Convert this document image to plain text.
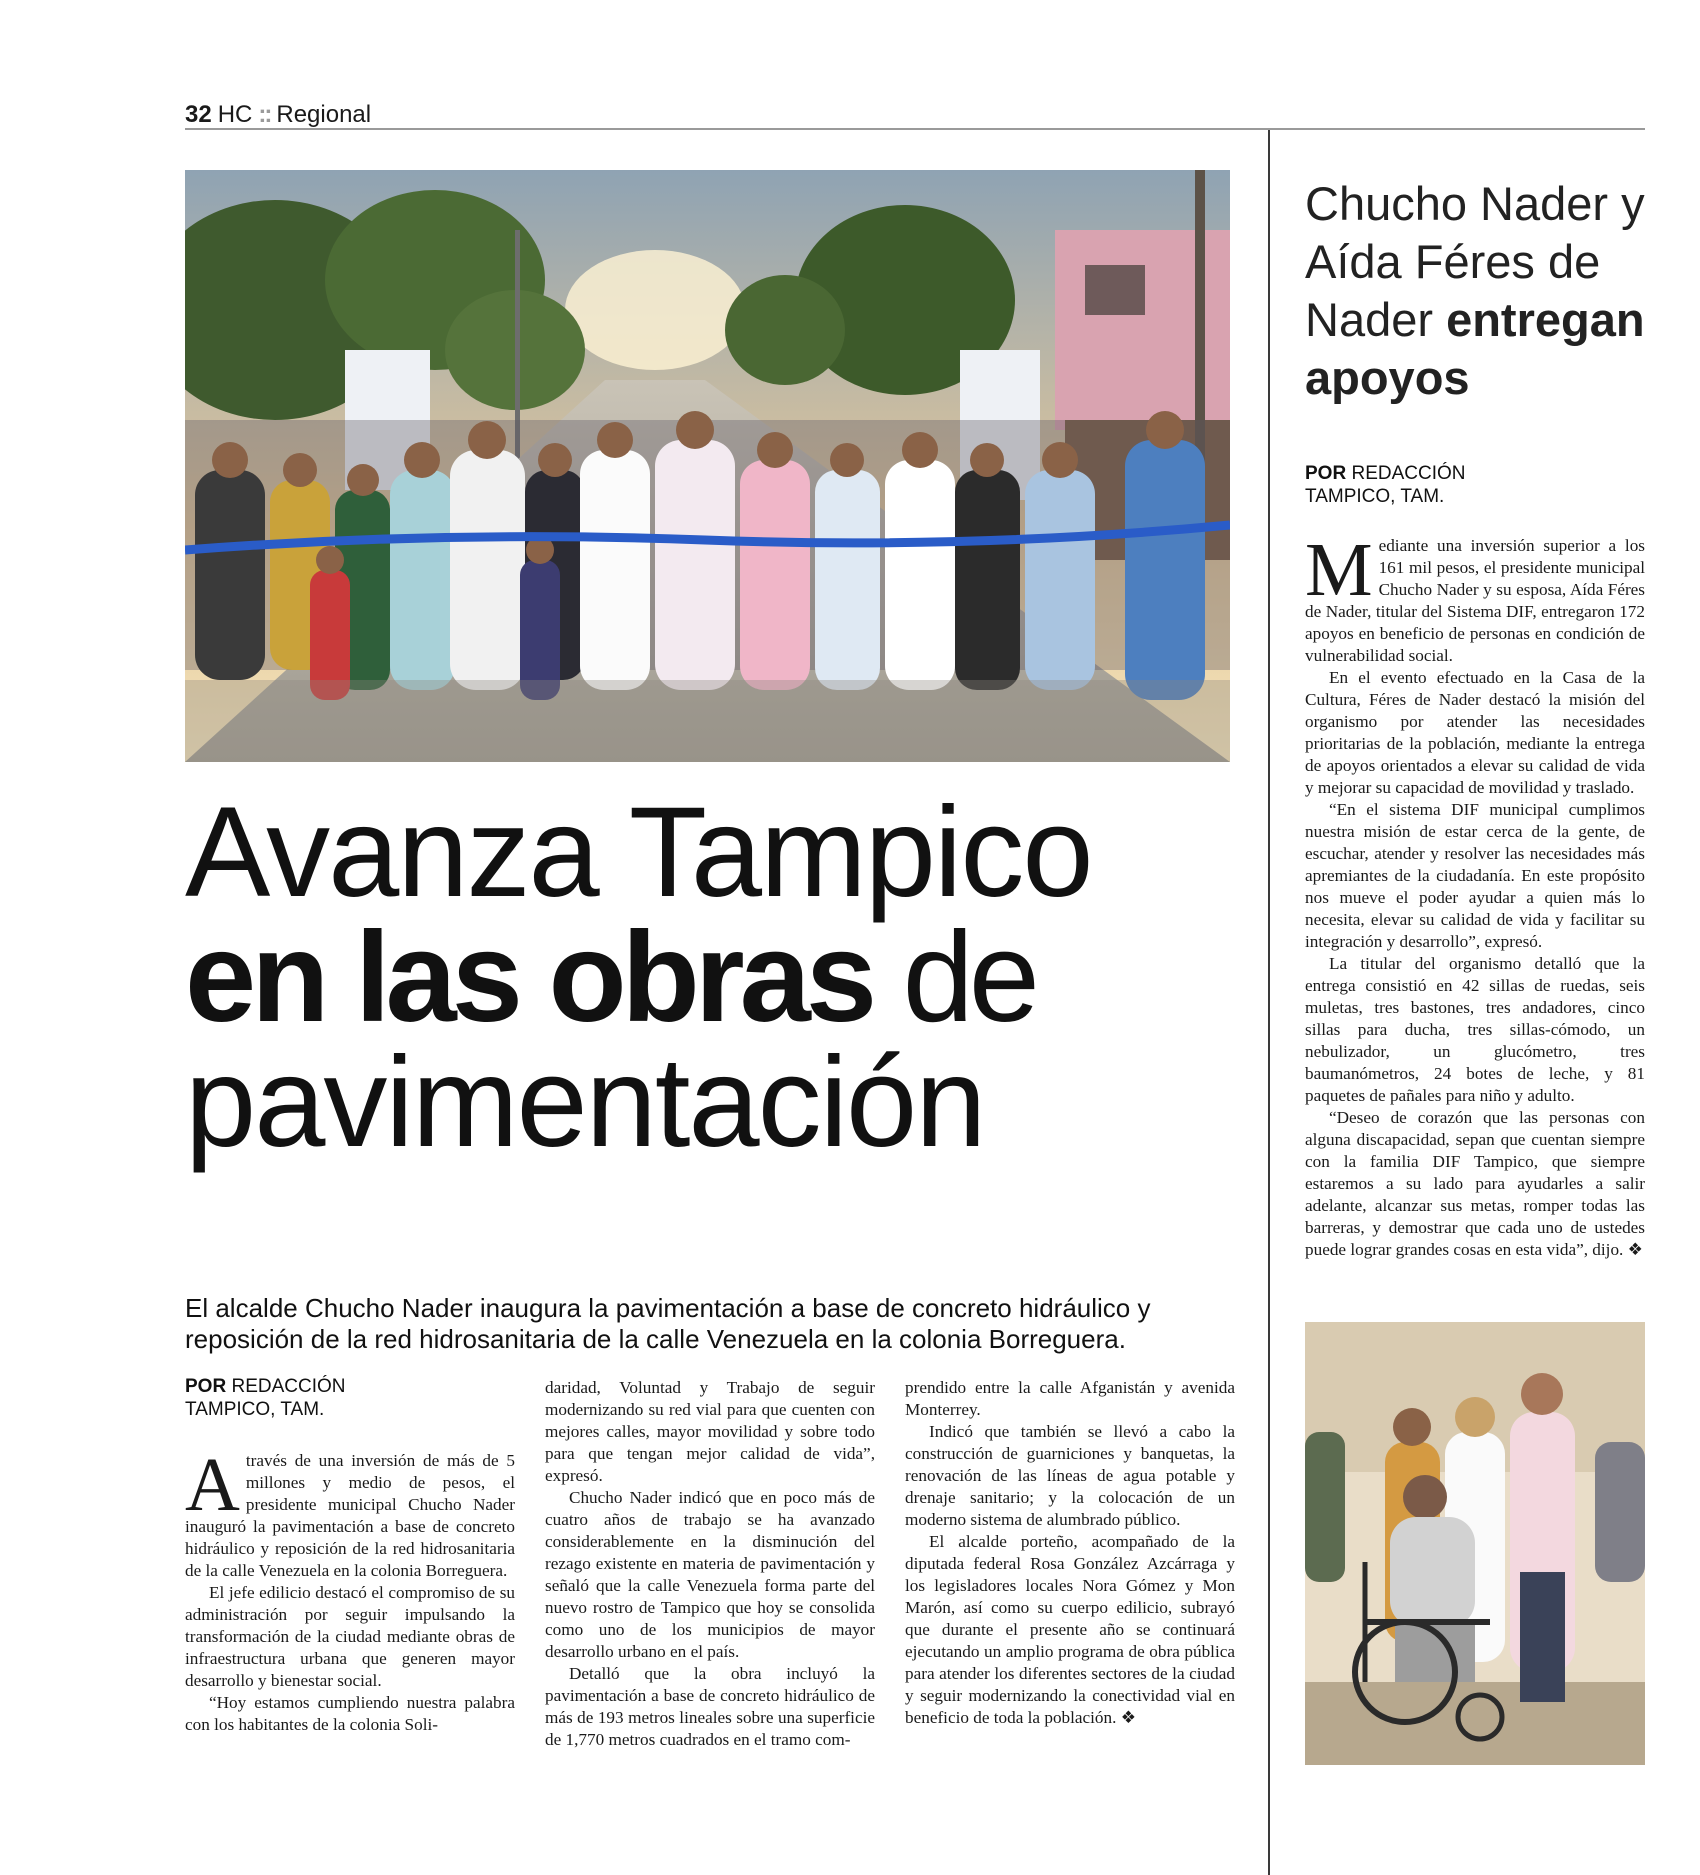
32 HC :: Regional
Avanza Tampico
en las obras de
pavimentación
El alcalde Chucho Nader inaugura la pavimentación a base de concreto hidráulico y reposición de la red hidrosanitaria de la calle Venezuela en la colonia Borreguera.
POR REDACCIÓN
TAMPICO, TAM.

Através de una inversión de más de 5 millones y medio de pesos, el presidente municipal Chucho Nader inauguró la pavimentación a base de concreto hidráulico y reposición de la red hidrosanitaria de la calle Venezuela en la colonia Borreguera.

El jefe edilicio destacó el compromiso de su administración por seguir impulsando la transformación de la ciudad mediante obras de infraestructura urbana que generen mayor desarrollo y bienestar social.

“Hoy estamos cumpliendo nuestra palabra con los habitantes de la colonia Soli-

daridad, Voluntad y Trabajo de seguir modernizando su red vial para que cuenten con mejores calles, mayor movilidad y sobre todo para que tengan mejor calidad de vida”, expresó.

Chucho Nader indicó que en poco más de cuatro años de trabajo se ha avanzado considerablemente en la disminución del rezago existente en materia de pavimentación y señaló que la calle Venezuela forma parte del nuevo rostro de Tampico que hoy se consolida como uno de los municipios de mayor desarrollo urbano en el país.

Detalló que la obra incluyó la pavimentación a base de concreto hidráulico de más de 193 metros lineales sobre una superficie de 1,770 metros cuadrados en el tramo com-

prendido entre la calle Afganistán y avenida Monterrey.

Indicó que también se llevó a cabo la construcción de guarniciones y banquetas, la renovación de las líneas de agua potable y drenaje sanitario; y la colocación de un moderno sistema de alumbrado público.

El alcalde porteño, acompañado de la diputada federal Rosa González Azcárraga y los legisladores locales Nora Gómez y Mon Marón, así como su cuerpo edilicio, subrayó que durante el presente año se continuará ejecutando un amplio programa de obra pública para atender los diferentes sectores de la ciudad y seguir modernizando la conectividad vial en beneficio de toda la población. ❖

Chucho Nader y Aída Féres de Nader entregan apoyos
POR REDACCIÓN
TAMPICO, TAM.

Mediante una inversión superior a los 161 mil pesos, el presidente municipal Chucho Nader y su esposa, Aída Féres de Nader, titular del Sistema DIF, entregaron 172 apoyos en beneficio de personas en condición de vulnerabilidad social.

En el evento efectuado en la Casa de la Cultura, Féres de Nader destacó la misión del organismo por atender las necesidades prioritarias de la población, mediante la entrega de apoyos orientados a elevar su calidad de vida y mejorar su capacidad de movilidad y traslado.

“En el sistema DIF municipal cumplimos nuestra misión de estar cerca de la gente, de escuchar, atender y resolver las necesidades más apremiantes de la ciudadanía. En este propósito nos mueve el poder ayudar a quien más lo necesita, elevar su calidad de vida y facilitar su integración y desarrollo”, expresó.

La titular del organismo detalló que la entrega consistió en 42 sillas de ruedas, seis muletas, tres bastones, tres andadores, cinco sillas para ducha, tres sillas-cómodo, un nebulizador, un glucómetro, tres baumanómetros, 24 botes de leche, y 81 paquetes de pañales para niño y adulto.

“Deseo de corazón que las personas con alguna discapacidad, sepan que cuentan siempre con la familia DIF Tampico, que siempre estaremos a su lado para ayudarles a salir adelante, alcanzar sus metas, romper todas las barreras, y demostrar que cada uno de ustedes puede lograr grandes cosas en esta vida”, dijo. ❖
